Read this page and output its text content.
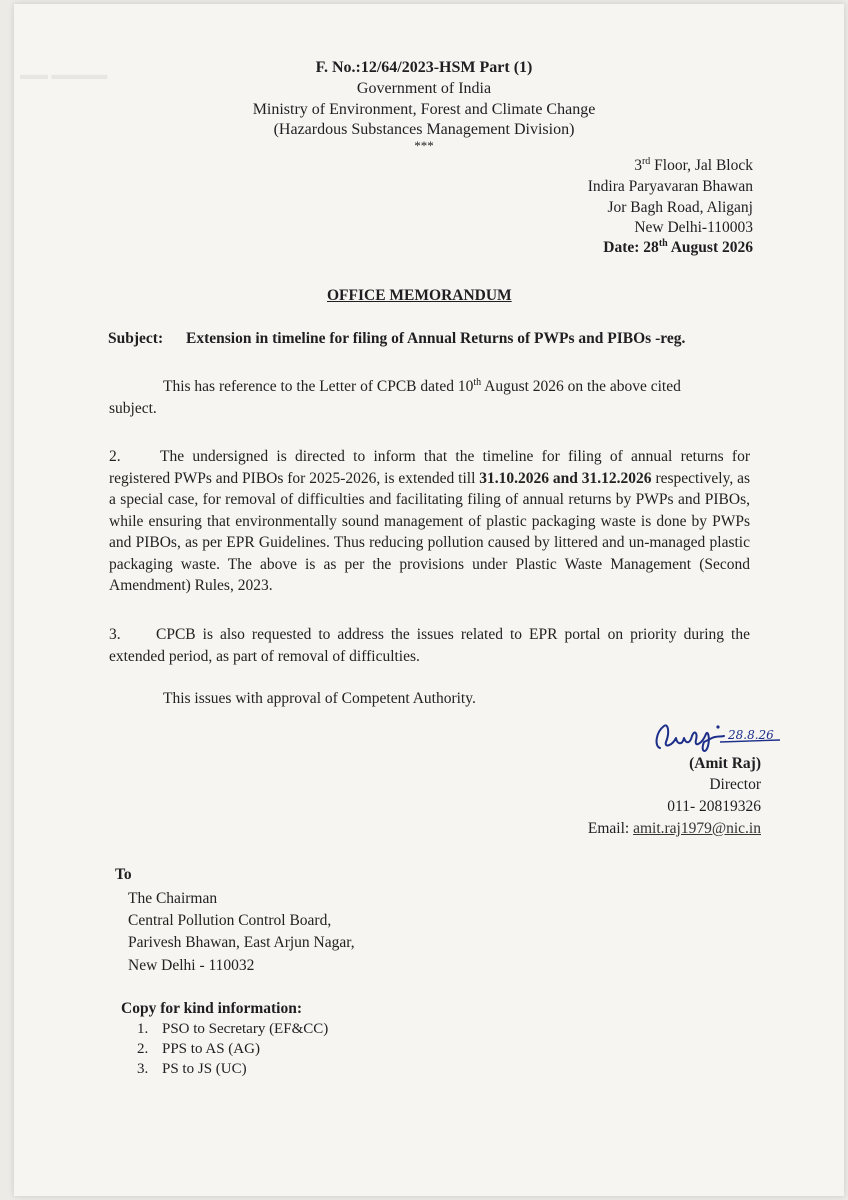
▬▬ ▬▬▬▬	F. No.:12/64/2023-HSM Part (1)
Government of India
Ministry of Environment, Forest and Climate Change
(Hazardous Substances Management Division)
***
3rd Floor, Jal Block
Indira Paryavaran Bhawan
Jor Bagh Road, Aliganj
New Delhi-110003
Date: 28th August 2026
OFFICE MEMORANDUM
Subject: Extension in timeline for filing of Annual Returns of PWPs and PIBOs -reg.
This has reference to the Letter of CPCB dated 10th August 2026 on the above cited
subject.
2.	The undersigned is directed to inform that the timeline for filing of annual returns for registered PWPs and PIBOs for 2025-2026, is extended till 31.10.2026 and 31.12.2026 respectively, as a special case, for removal of difficulties and facilitating filing of annual returns by PWPs and PIBOs, while ensuring that environmentally sound management of plastic packaging waste is done by PWPs and PIBOs, as per EPR Guidelines. Thus reducing pollution caused by littered and un-managed plastic packaging waste. The above is as per the provisions under Plastic Waste Management (Second Amendment) Rules, 2023.
3. CPCB is also requested to address the issues related to EPR portal on priority during the extended period, as part of removal of difficulties.
This issues with approval of Competent Authority.
28.8.26
(Amit Raj)
Director
011- 20819326
Email: amit.raj1979@nic.in
To
The Chairman
Central Pollution Control Board,
Parivesh Bhawan, East Arjun Nagar,
New Delhi - 110032
Copy for kind information:
1. PSO to Secretary (EF&CC)
2. PPS to AS (AG)
3. PS to JS (UC)
